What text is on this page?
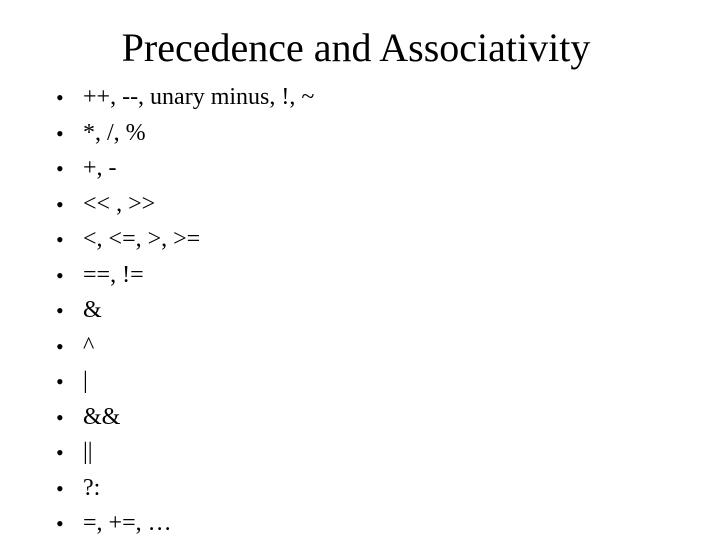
Precedence and Associativity
• ++, --, unary minus, !, ~
• *, /, %
• +, -
• << , >>
• <, <=, >, >=
• ==, !=
• &
• ^
• |
• &&
• ||
• ?:
• =, +=, …
